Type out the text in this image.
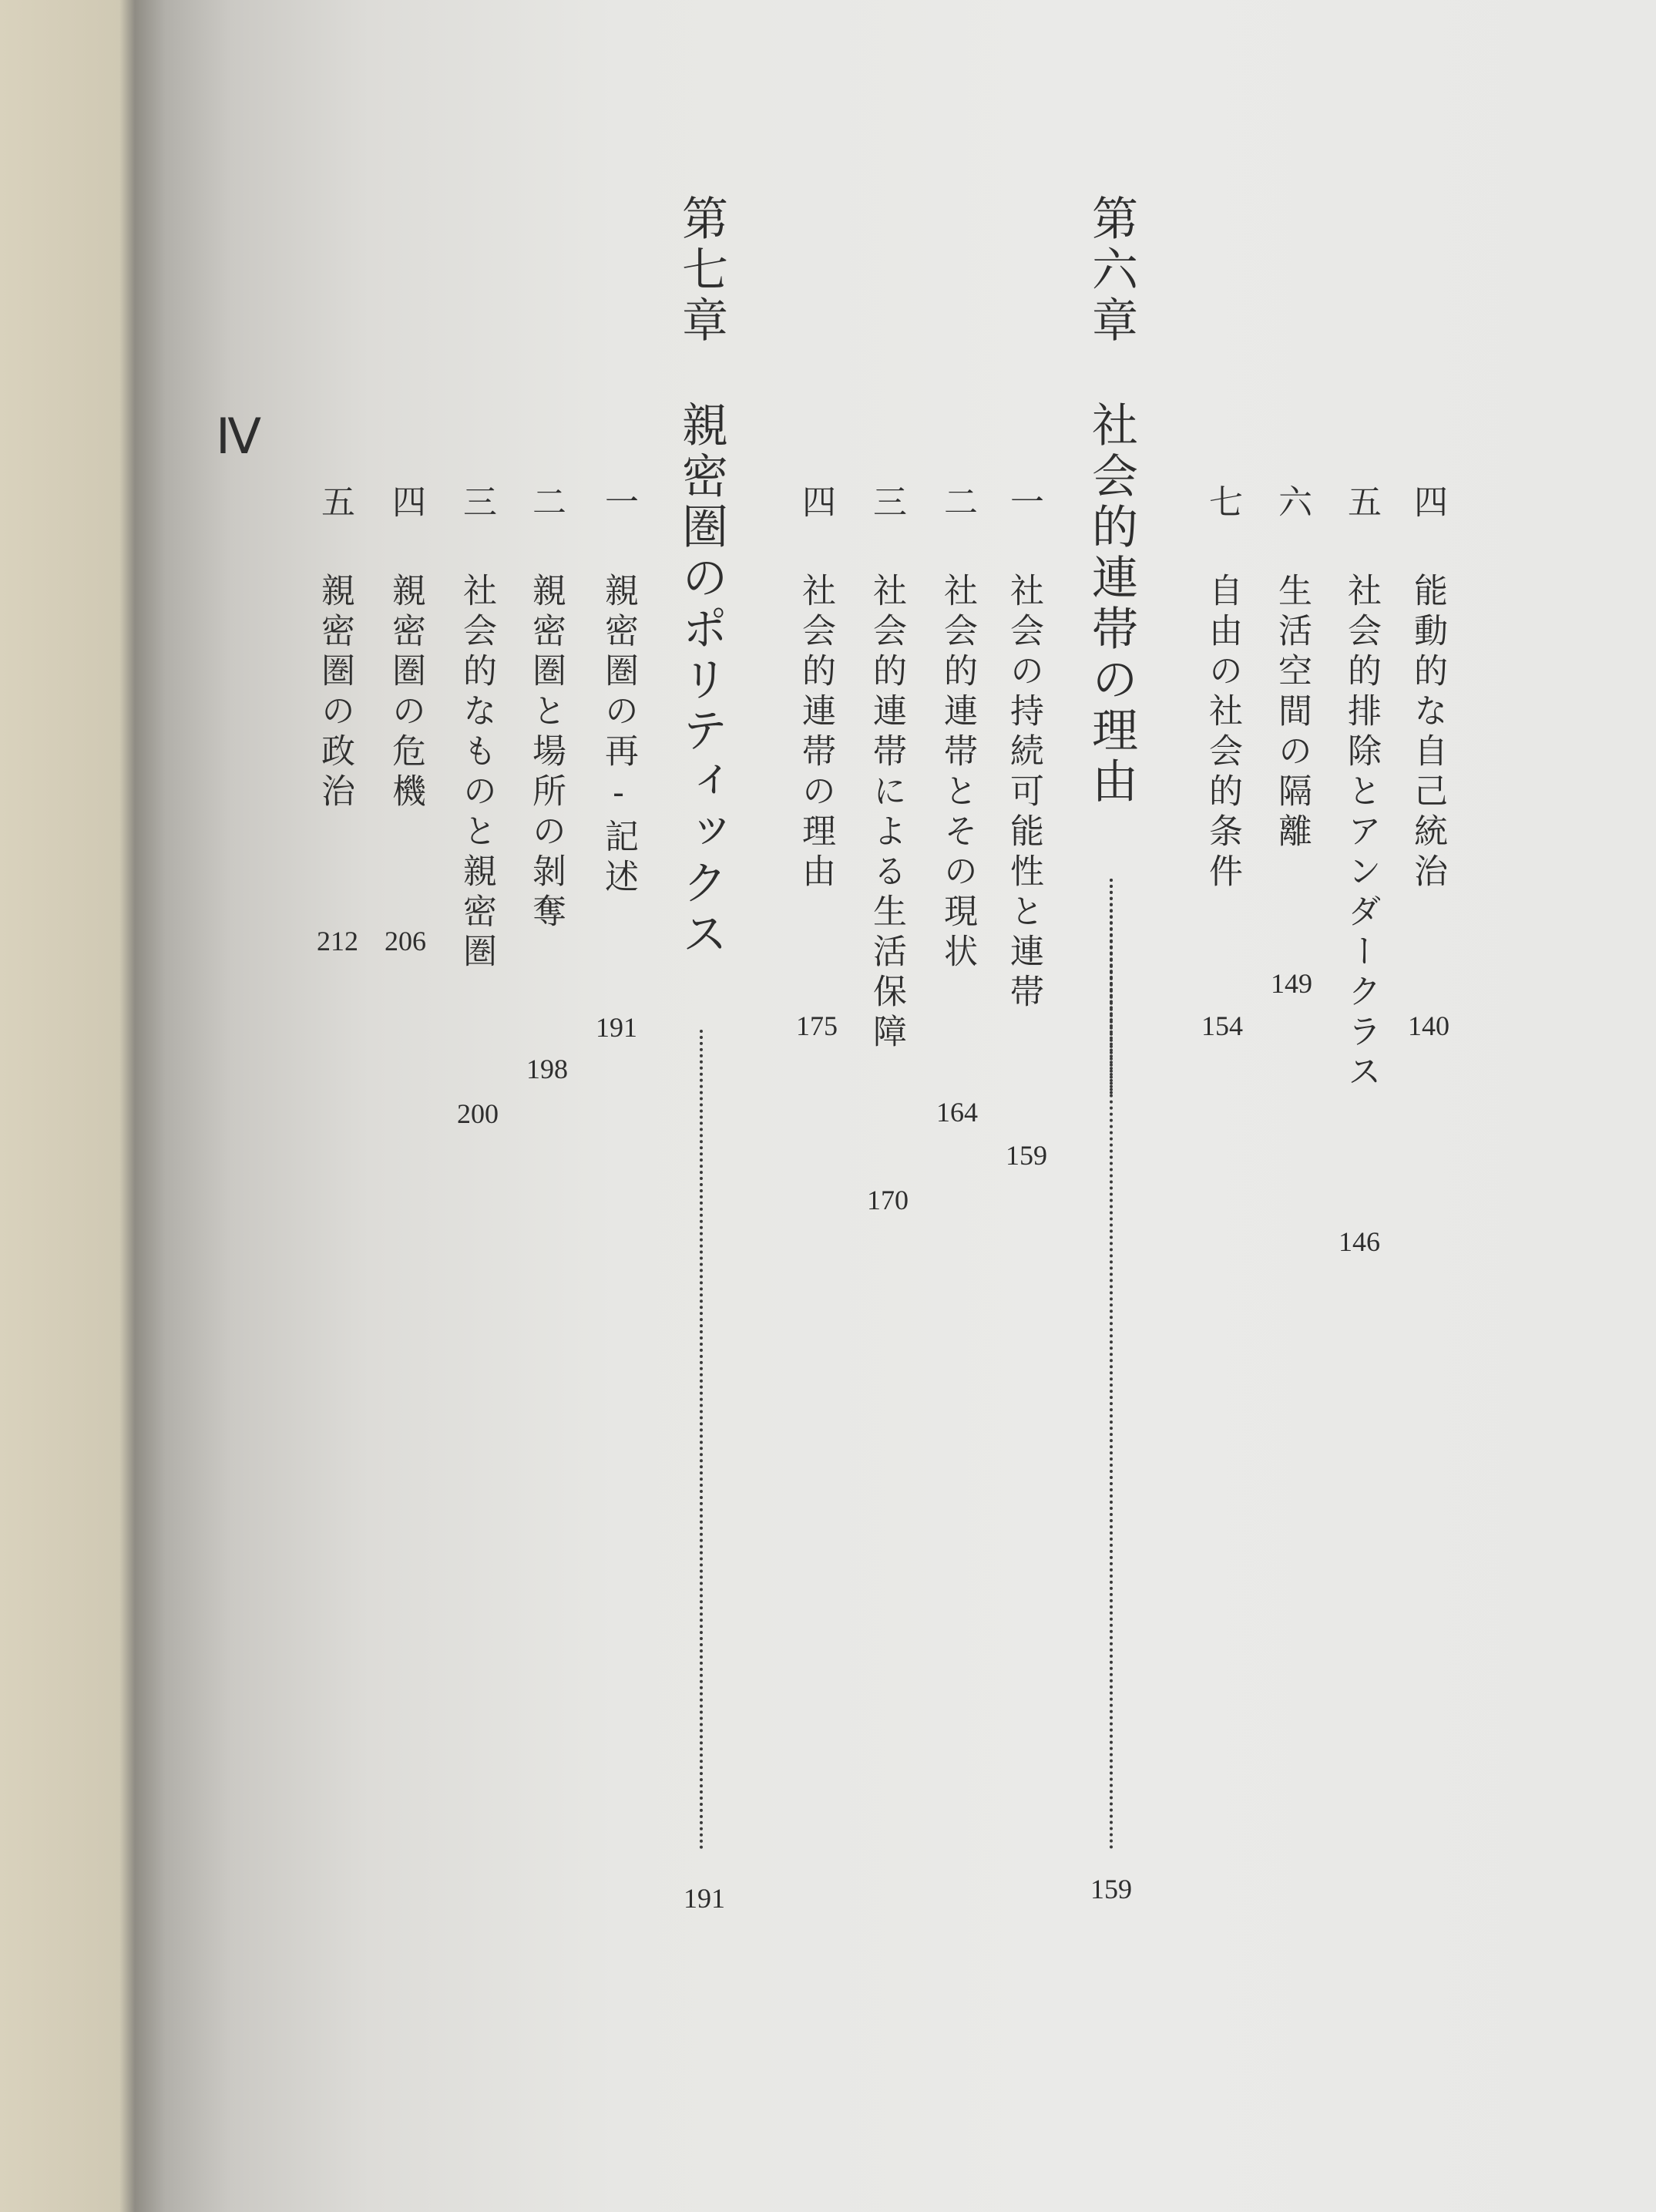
四
能動的な自己統治
140
五
社会的排除とアンダークラス
146
六
生活空間の隔離
149
七
自由の社会的条件
154
第六章
社会的連帯の理由
159
一
社会の持続可能性と連帯
159
二
社会的連帯とその現状
164
三
社会的連帯による生活保障
170
四
社会的連帯の理由
175
第七章
親密圏のポリティックス
191
一
親密圏の再‐記述
191
二
親密圏と場所の剝奪
198
三
社会的なものと親密圏
200
四
親密圏の危機
206
五
親密圏の政治
212
Ⅳ
